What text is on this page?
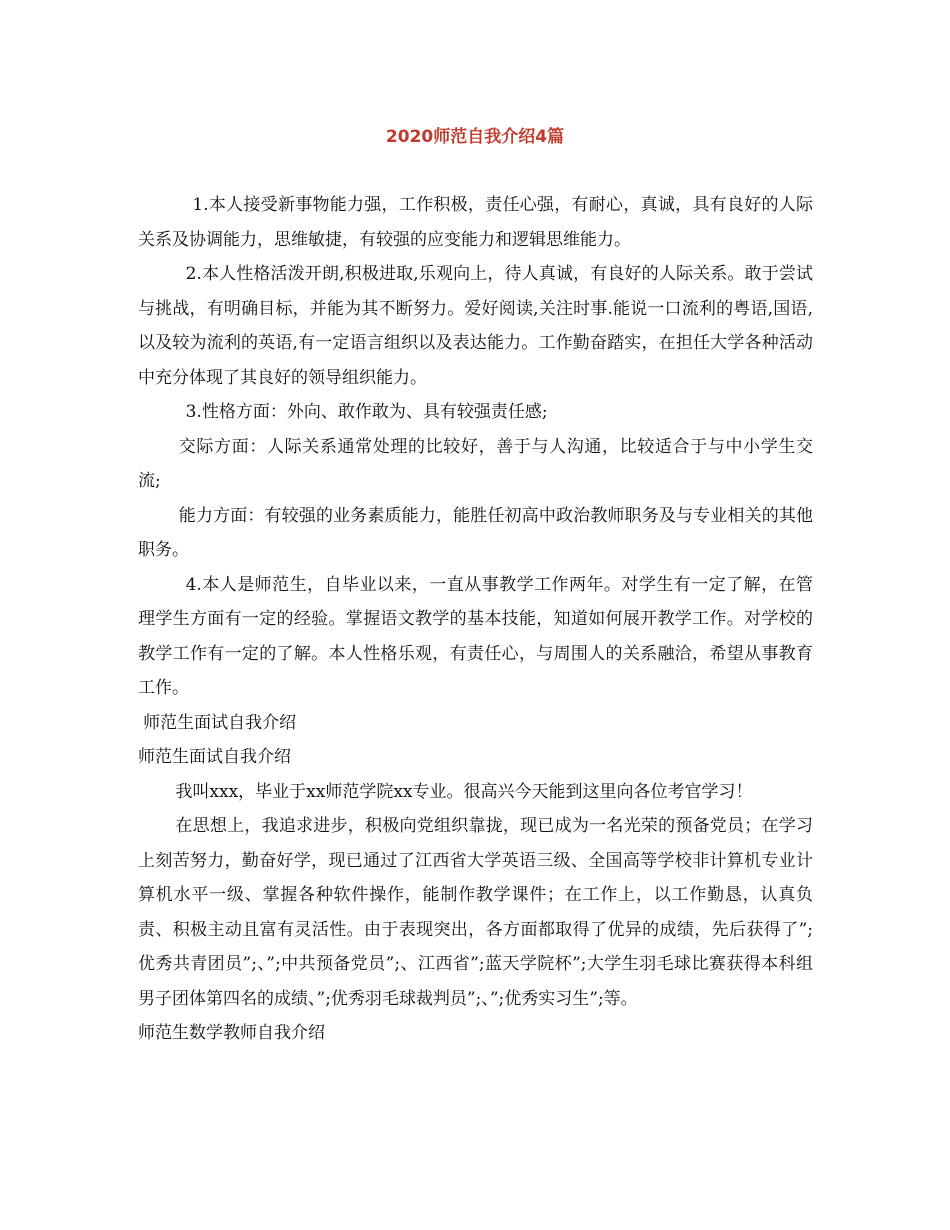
2020师范自我介绍4篇

1.本人接受新事物能力强，工作积极，责任心强，有耐心，真诚，具有良好的人际关系及协调能力，思维敏捷，有较强的应变能力和逻辑思维能力。

2.本人性格活泼开朗,积极进取,乐观向上，待人真诚，有良好的人际关系。敢于尝试与挑战，有明确目标，并能为其不断努力。爱好阅读,关注时事.能说一口流利的粤语,国语,以及较为流利的英语,有一定语言组织以及表达能力。工作勤奋踏实，在担任大学各种活动中充分体现了其良好的领导组织能力。

3.性格方面：外向、敢作敢为、具有较强责任感;

交际方面：人际关系通常处理的比较好，善于与人沟通，比较适合于与中小学生交流;

能力方面：有较强的业务素质能力，能胜任初高中政治教师职务及与专业相关的其他职务。

4.本人是师范生，自毕业以来，一直从事教学工作两年。对学生有一定了解，在管理学生方面有一定的经验。掌握语文教学的基本技能，知道如何展开教学工作。对学校的教学工作有一定的了解。本人性格乐观，有责任心，与周围人的关系融洽，希望从事教育工作。

师范生面试自我介绍

师范生面试自我介绍

我叫xxx，毕业于xx师范学院xx专业。很高兴今天能到这里向各位考官学习！

在思想上，我追求进步，积极向党组织靠拢，现已成为一名光荣的预备党员；在学习上刻苦努力，勤奋好学，现已通过了江西省大学英语三级、全国高等学校非计算机专业计算机水平一级、掌握各种软件操作，能制作教学课件；在工作上，以工作勤恳，认真负责、积极主动且富有灵活性。由于表现突出，各方面都取得了优异的成绩，先后获得了”;优秀共青团员”;、”;中共预备党员”;、江西省”;蓝天学院杯”;大学生羽毛球比赛获得本科组男子团体第四名的成绩、”;优秀羽毛球裁判员”;、”;优秀实习生”;等。

师范生数学教师自我介绍
